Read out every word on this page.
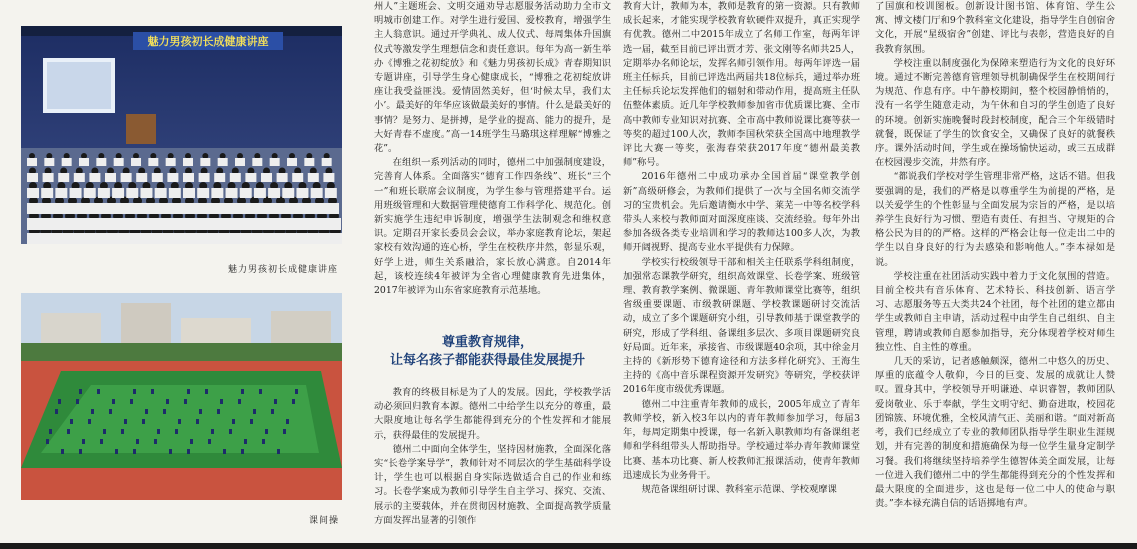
魅力男孩初长成健康讲座
魅力男孩初长成健康讲座
课间操

州人”主题班会、文明交通劝导志愿服务活动助力全市文明城市创建工作。对学生进行爱国、爱校教育，增强学生主人翁意识。通过开学典礼、成人仪式、每周集体升国旗仪式等激发学生理想信念和责任意识。每年为高一新生举办《博雅之花初绽放》和《魅力男孩初长成》青春期知识专题讲座，引导学生身心健康成长，“博雅之花初绽放讲座让我受益匪浅。爱情固然美好，但‘时候太早，我们太小’。最美好的年华应该做最美好的事情。什么是最美好的事情？是努力、是拼搏，是学业的提高、能力的提升，是大好青春不虚度。”高一14班学生马璐琪这样理解“博雅之花”。

在组织一系列活动的同时，德州二中加强制度建设，完善育人体系。全面落实“德育工作四条线”、班长“三个一”和班长联席会议制度，为学生参与管理搭建平台。运用班级管理和大数据管理使德育工作科学化、规范化。创新实施学生违纪申诉制度，增强学生法制观念和维权意识。定期召开家长委员会会议，举办家庭教育论坛，架起家校有效沟通的连心桥，学生在校秩序井然，彰显乐观，好学上进，师生关系融洽，家长放心满意。自2014年起，该校连续4年被评为全省心理健康教育先进集体，2017年被评为山东省家庭教育示范基地。

尊重教育规律，
让每名孩子都能获得最佳发展提升

教育的终极目标是为了人的发展。因此，学校教学活动必须回归教育本源。德州二中给学生以充分的尊重，最大限度地让每名学生都能得到充分的个性发挥和才能展示，获得最佳的发展提升。

德州二中面向全体学生，坚持因材施教，全面深化落实“长卷学案导学”，教师针对不同层次的学生基础科学设计，学生也可以根据自身实际选做适合自己的作业和练习。长卷学案成为教师引导学生自主学习、探究、交流、展示的主要载体，并在贯彻因材施教、全面提高教学质量方面发挥出显著的引领作

教育大计，教师为本，教师是教育的第一资源。只有教师成长起来，才能实现学校教育软硬件双提升，真正实现学有优教。德州二中2015年成立了名师工作室，每两年评选一届，截至目前已评出贾才芳、张文刚等名师共25人，定期举办名师论坛，发挥名师引领作用。每两年评选一届班主任标兵，目前已评选出两届共18位标兵，通过举办班主任标兵论坛发挥他们的辐射和带动作用，提高班主任队伍整体素质。近几年学校教师参加省市优质课比赛、全市高中教师专业知识对抗赛、全市高中教师说课比赛等获一等奖的超过100人次，教师李国秋荣获全国高中地理教学评比大赛一等奖，张海春荣获2017年度“德州最美教师”称号。

2016年德州二中成功承办全国首届“课堂教学创新”高级研修会，为教师们提供了一次与全国名师交流学习的宝贵机会。先后邀请衡水中学、莱芜一中等名校学科带头人来校与教师面对面深度座谈、交流经验。每年外出参加各级各类专业培训和学习的教师达100多人次，为教师开阔视野、提高专业水平提供有力保障。

学校实行校级领导干部和相关主任联系学科组制度，加强常态课教学研究，组织高效课堂、长卷学案、班级管理、教育教学案例、微课题、青年教师课堂比赛等，组织省级重要课题、市级教研课题、学校教课题研讨交流活动，成立了多个课题研究小组，引导教师基于课堂教学的研究，形成了学科组、备课组多层次、多项目课题研究良好局面。近年来，承接省、市级课题40余项，其中徐金月主持的《新形势下德育途径和方法多样化研究》、王海生主持的《高中音乐课程资源开发研究》等研究，学校获评2016年度市级优秀课题。

德州二中注重青年教师的成长，2005年成立了青年教师学校，新入校3年以内的青年教师参加学习，每届3年，每周定期集中授课，每一名新入职教师均有备课组老师和学科组带头人帮助指导。学校通过举办青年教师课堂比赛、基本功比赛、新人校教师汇报课活动，使青年教师迅速成长为业务骨干。

规范备课组研讨课、教科室示范课、学校观摩课

了国旗和校训图板。创新设计图书馆、体育馆、学生公寓、博文楼门厅和9个教科室文化建设，指导学生自创宿舍文化，开展“星级宿舍”创建、评比与表彰，营造良好的自我教育氛围。

学校注重以制度强化为保障来塑造行为文化的良好环境。通过不断完善德育管理领导机制确保学生在校期间行为规范、作息有序。中午静校期间，整个校园静悄悄的，没有一名学生随意走动，为午休和自习的学生创造了良好的环境。创新实施晚餐时段封校制度，配合三个年级错时就餐，既保证了学生的饮食安全，又确保了良好的就餐秩序。课外活动时间，学生或在操场愉快运动，或三五成群在校园漫步交流，井然有序。

“都说我们学校对学生管理非常严格，这话不错。但我要强调的是，我们的严格是以尊重学生为前提的严格，是以关爱学生的个性彰显与全面发展为宗旨的严格，是以培养学生良好行为习惯、塑造有责任、有担当、守规矩的合格公民为目的的严格。这样的严格会让每一位走出二中的学生以自身良好的行为去感染和影响他人。”李本禄如是说。

学校注重在社团活动实践中着力于文化氛围的营造。目前全校共有音乐体育、艺术特长、科技创新、语言学习、志愿服务等五大类共24个社团，每个社团的建立都由学生或教师自主申请，活动过程中由学生自己组织、自主管理，聘请或教师自愿参加指导，充分体现着学校对师生独立性、自主性的尊重。

几天的采访，记者感触颇深，德州二中悠久的历史、厚重的底蕴令人敬仰，今日的巨变、发展的成就让人赞叹。置身其中，学校领导开明谦逊、卓识睿智，教师团队爱岗敬业、乐于奉献，学生文明守纪、勤奋进取，校园花团锦簇、环境优雅，全校风清气正、美丽和谐。“面对新高考，我们已经成立了专业的教师团队指导学生职业生涯规划，并有完善的制度和措施确保为每一位学生量身定制学习餐。我们将继续坚持培养学生德智体美全面发展，让每一位进入我们德州二中的学生都能得到充分的个性发挥和最大限度的全面进步，这也是每一位二中人的使命与职责。”李本禄充满自信的话语掷地有声。
